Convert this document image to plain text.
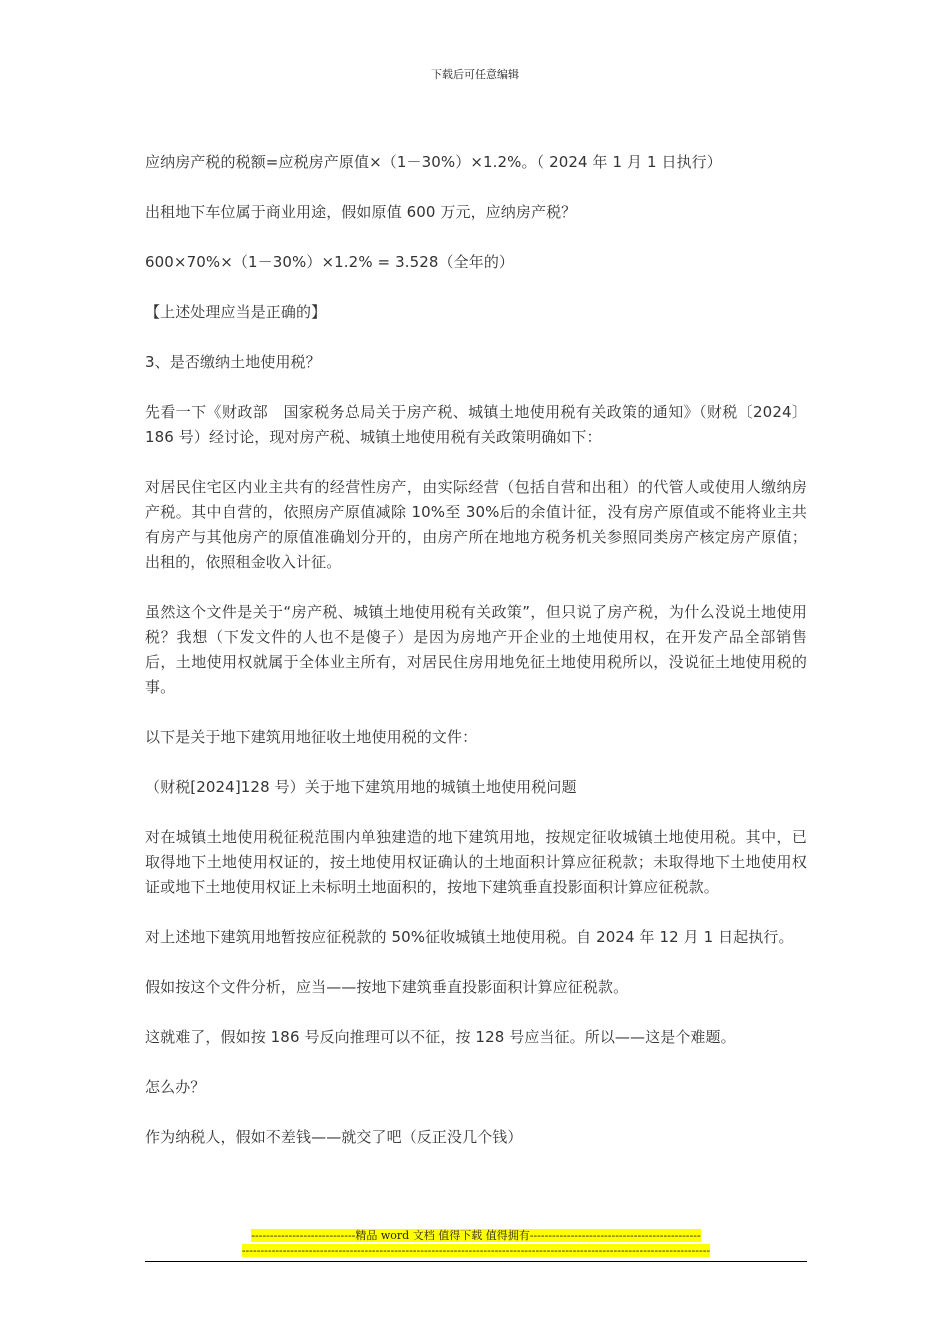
下载后可任意编辑

应纳房产税的税额=应税房产原值×（1－30%）×1.2%。（ 2024 年 1 月 1 日执行）

出租地下车位属于商业用途，假如原值 600 万元，应纳房产税？

600×70%×（1－30%）×1.2% = 3.528（全年的）

【上述处理应当是正确的】

3、是否缴纳土地使用税？

先看一下《财政部　国家税务总局关于房产税、城镇土地使用税有关政策的通知》（财税〔2024〕186 号）经讨论，现对房产税、城镇土地使用税有关政策明确如下：

对居民住宅区内业主共有的经营性房产，由实际经营（包括自营和出租）的代管人或使用人缴纳房产税。其中自营的，依照房产原值减除 10%至 30%后的余值计征，没有房产原值或不能将业主共有房产与其他房产的原值准确划分开的，由房产所在地地方税务机关参照同类房产核定房产原值；出租的，依照租金收入计征。

虽然这个文件是关于“房产税、城镇土地使用税有关政策”，但只说了房产税，为什么没说土地使用税？我想（下发文件的人也不是傻子）是因为房地产开企业的土地使用权，在开发产品全部销售后，土地使用权就属于全体业主所有，对居民住房用地免征土地使用税所以，没说征土地使用税的事。

以下是关于地下建筑用地征收土地使用税的文件：

（财税[2024]128 号）关于地下建筑用地的城镇土地使用税问题

对在城镇土地使用税征税范围内单独建造的地下建筑用地，按规定征收城镇土地使用税。其中，已取得地下土地使用权证的，按土地使用权证确认的土地面积计算应征税款；未取得地下土地使用权证或地下土地使用权证上未标明土地面积的，按地下建筑垂直投影面积计算应征税款。

对上述地下建筑用地暂按应征税款的 50%征收城镇土地使用税。自 2024 年 12 月 1 日起执行。

假如按这个文件分析，应当——按地下建筑垂直投影面积计算应征税款。

这就难了，假如按 186 号反向推理可以不征，按 128 号应当征。所以——这是个难题。

怎么办？

作为纳税人，假如不差钱——就交了吧（反正没几个钱）

----------------------------精品 word 文档 值得下载 值得拥有----------------------------------------------
------------------------------------------------------------------------------------------------------------------------------
